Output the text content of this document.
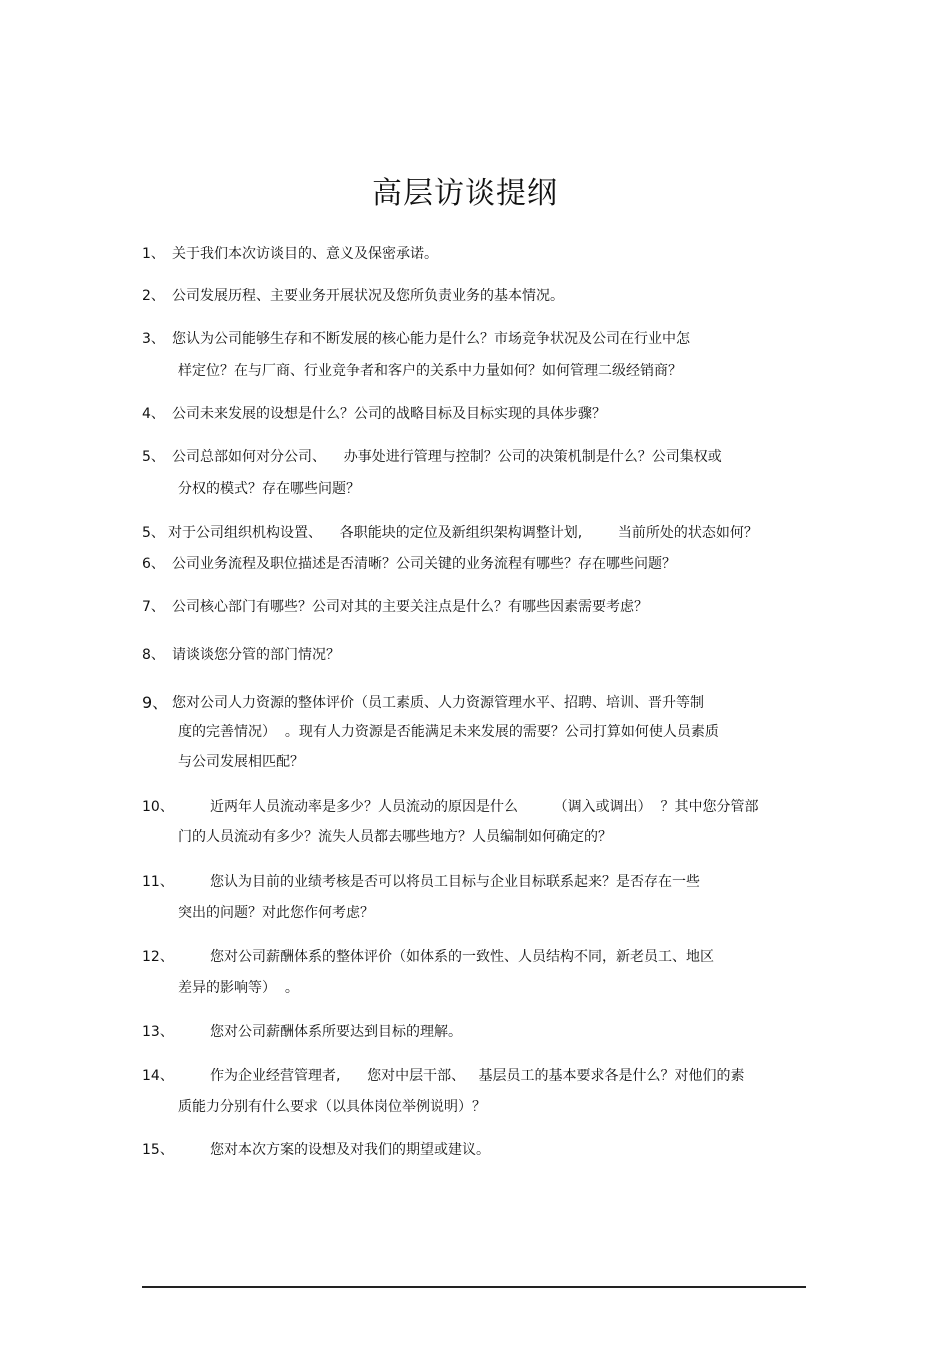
高层访谈提纲
1、 关于我们本次访谈目的、意义及保密承诺。
2、 公司发展历程、主要业务开展状况及您所负责业务的基本情况。
3、 您认为公司能够生存和不断发展的核心能力是什么？市场竞争状况及公司在行业中怎
样定位？在与厂商、行业竞争者和客户的关系中力量如何？如何管理二级经销商？
4、 公司未来发展的设想是什么？公司的战略目标及目标实现的具体步骤？
5、 公司总部如何对分公司、    办事处进行管理与控制？公司的决策机制是什么？公司集权或
分权的模式？存在哪些问题？
5、 对于公司组织机构设置、    各职能块的定位及新组织架构调整计划,        当前所处的状态如何？
6、 公司业务流程及职位描述是否清晰？公司关键的业务流程有哪些？存在哪些问题？
7、 公司核心部门有哪些？公司对其的主要关注点是什么？有哪些因素需要考虑？
8、 请谈谈您分管的部门情况？
9、 您对公司人力资源的整体评价（员工素质、人力资源管理水平、招聘、培训、晋升等制
度的完善情况）  。现有人力资源是否能满足未来发展的需要？公司打算如何使人员素质
与公司发展相匹配？
10、	近两年人员流动率是多少？人员流动的原因是什么        （调入或调出）  ？其中您分管部
门的人员流动有多少？流失人员都去哪些地方？人员编制如何确定的？
11、	您认为目前的业绩考核是否可以将员工目标与企业目标联系起来？是否存在一些
突出的问题？对此您作何考虑？
12、	您对公司薪酬体系的整体评价（如体系的一致性、人员结构不同，新老员工、地区
差异的影响等）  。
13、	您对公司薪酬体系所要达到目标的理解。
14、	作为企业经营管理者,      您对中层干部、   基层员工的基本要求各是什么？对他们的素
质能力分别有什么要求（以具体岗位举例说明）？
15、	您对本次方案的设想及对我们的期望或建议。
